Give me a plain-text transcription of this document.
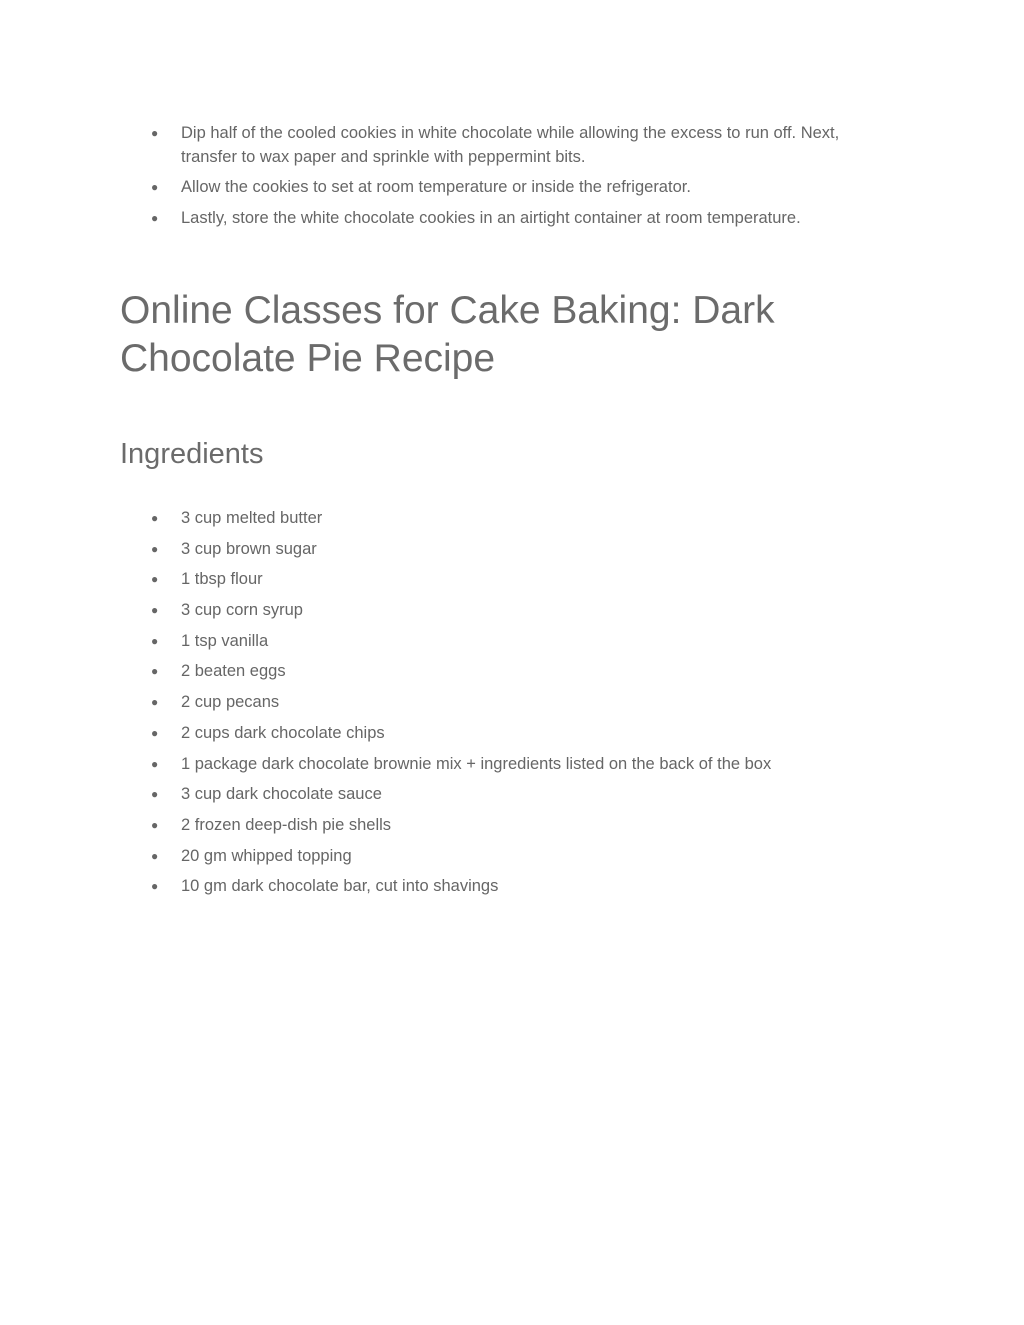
● Dip half of the cooled cookies in white chocolate while allowing the excess to run off. Next, transfer to wax paper and sprinkle with peppermint bits.
● Allow the cookies to set at room temperature or inside the refrigerator.
● Lastly, store the white chocolate cookies in an airtight container at room temperature.
Online Classes for Cake Baking: Dark Chocolate Pie Recipe
Ingredients
● 3 cup melted butter
● 3 cup brown sugar
● 1 tbsp flour
● 3 cup corn syrup
● 1 tsp vanilla
● 2 beaten eggs
● 2 cup pecans
● 2 cups dark chocolate chips
● 1 package dark chocolate brownie mix + ingredients listed on the back of the box
● 3 cup dark chocolate sauce
● 2 frozen deep-dish pie shells
● 20 gm whipped topping
● 10 gm dark chocolate bar, cut into shavings
